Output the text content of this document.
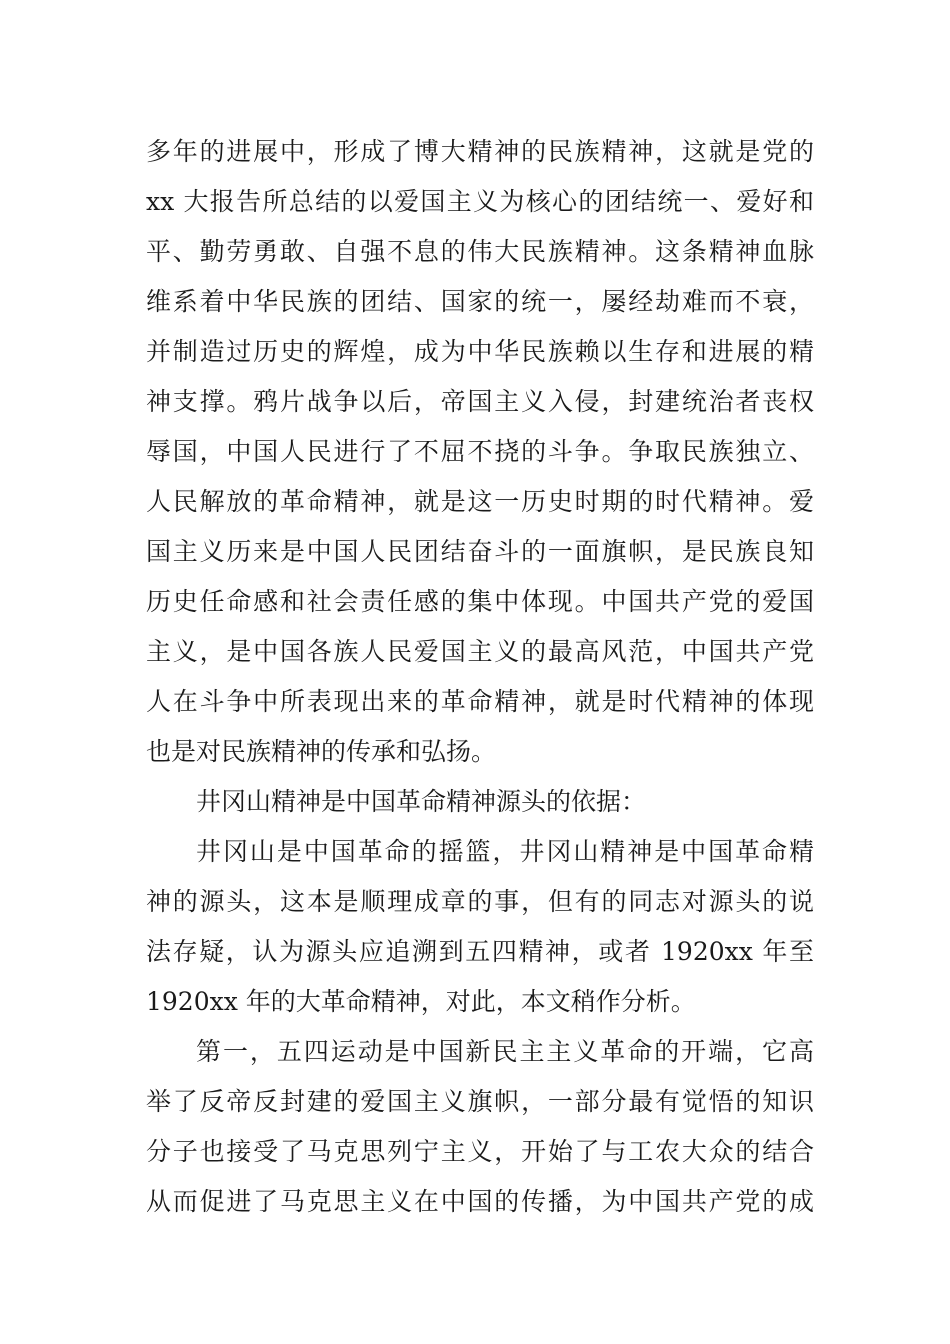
多年的进展中，形成了博大精神的民族精神，这就是党的
xx 大报告所总结的以爱国主义为核心的团结统一、爱好和
平、勤劳勇敢、自强不息的伟大民族精神。这条精神血脉
维系着中华民族的团结、国家的统一，屡经劫难而不衰，
并制造过历史的辉煌，成为中华民族赖以生存和进展的精
神支撑。鸦片战争以后，帝国主义入侵，封建统治者丧权
辱国，中国人民进行了不屈不挠的斗争。争取民族独立、
人民解放的革命精神，就是这一历史时期的时代精神。爱
国主义历来是中国人民团结奋斗的一面旗帜，是民族良知
历史任命感和社会责任感的集中体现。中国共产党的爱国
主义，是中国各族人民爱国主义的最高风范，中国共产党
人在斗争中所表现出来的革命精神，就是时代精神的体现
也是对民族精神的传承和弘扬。
井冈山精神是中国革命精神源头的依据：
井冈山是中国革命的摇篮，井冈山精神是中国革命精
神的源头，这本是顺理成章的事，但有的同志对源头的说
法存疑，认为源头应追溯到五四精神，或者 1920xx 年至
1920xx 年的大革命精神，对此，本文稍作分析。
第一，五四运动是中国新民主主义革命的开端，它高
举了反帝反封建的爱国主义旗帜，一部分最有觉悟的知识
分子也接受了马克思列宁主义，开始了与工农大众的结合
从而促进了马克思主义在中国的传播，为中国共产党的成
